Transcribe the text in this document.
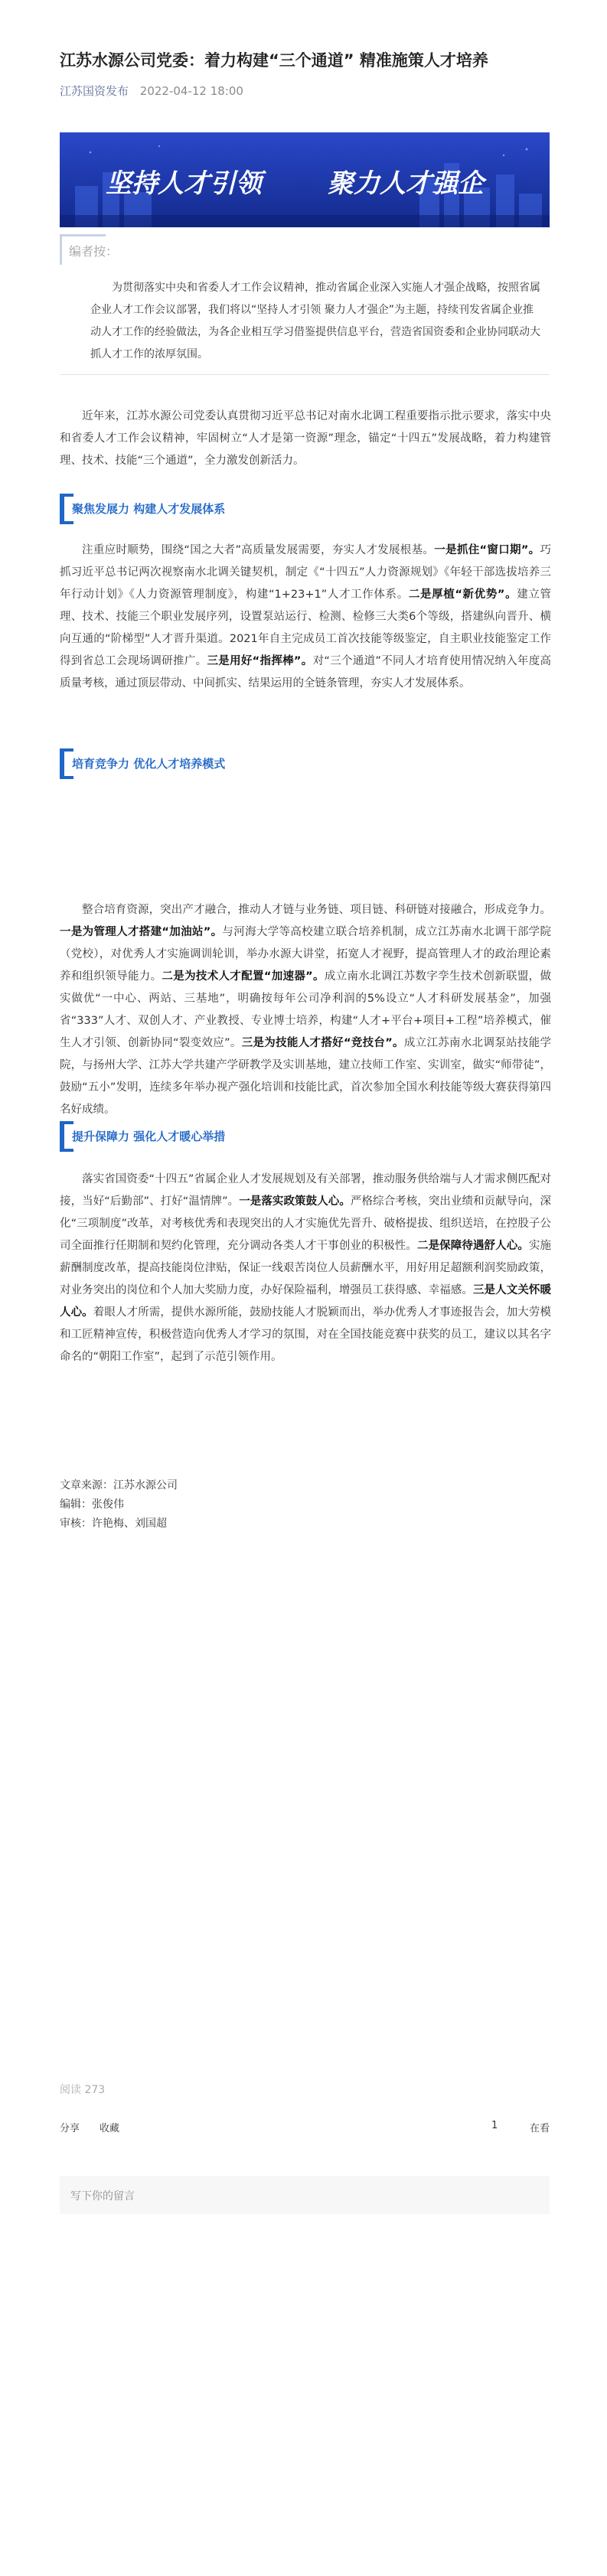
江苏水源公司党委：着力构建“三个通道” 精准施策人才培养
江苏国资发布 2022-04-12 18:00
坚持人才引领	聚力人才强企
编者按：
为贯彻落实中央和省委人才工作会议精神，推动省属企业深入实施人才强企战略，按照省属企业人才工作会议部署，我们将以“坚持人才引领 聚力人才强企”为主题，持续刊发省属企业推动人才工作的经验做法，为各企业相互学习借鉴提供信息平台，营造省国资委和企业协同联动大抓人才工作的浓厚氛围。
近年来，江苏水源公司党委认真贯彻习近平总书记对南水北调工程重要指示批示要求，落实中央和省委人才工作会议精神，牢固树立“人才是第一资源”理念，锚定“十四五”发展战略，着力构建管理、技术、技能“三个通道”，全力激发创新活力。
聚焦发展力 构建人才发展体系
注重应时顺势，围绕“国之大者”高质量发展需要，夯实人才发展根基。一是抓住“窗口期”。巧抓习近平总书记两次视察南水北调关键契机，制定《“十四五”人力资源规划》《年轻干部选拔培养三年行动计划》《人力资源管理制度》，构建“1+23+1”人才工作体系。二是厚植“新优势”。建立管理、技术、技能三个职业发展序列，设置泵站运行、检测、检修三大类6个等级，搭建纵向晋升、横向互通的“阶梯型”人才晋升渠道。2021年自主完成员工首次技能等级鉴定，自主职业技能鉴定工作得到省总工会现场调研推广。三是用好“指挥棒”。对“三个通道”不同人才培育使用情况纳入年度高质量考核，通过顶层带动、中间抓实、结果运用的全链条管理，夯实人才发展体系。
培育竞争力 优化人才培养模式
整合培育资源，突出产才融合，推动人才链与业务链、项目链、科研链对接融合，形成竞争力。一是为管理人才搭建“加油站”。与河海大学等高校建立联合培养机制，成立江苏南水北调干部学院（党校），对优秀人才实施调训轮训，举办水源大讲堂，拓宽人才视野，提高管理人才的政治理论素养和组织领导能力。二是为技术人才配置“加速器”。成立南水北调江苏数字孪生技术创新联盟，做实做优“一中心、两站、三基地”，明确按每年公司净利润的5%设立“人才科研发展基金”，加强省“333”人才、双创人才、产业教授、专业博士培养，构建“人才+平台+项目+工程”培养模式，催生人才引领、创新协同“裂变效应”。三是为技能人才搭好“竞技台”。成立江苏南水北调泵站技能学院，与扬州大学、江苏大学共建产学研教学及实训基地，建立技师工作室、实训室，做实“师带徒”，鼓励“五小”发明，连续多年举办视产强化培训和技能比武，首次参加全国水利技能等级大赛获得第四名好成绩。
提升保障力 强化人才暖心举措
落实省国资委“十四五”省属企业人才发展规划及有关部署，推动服务供给端与人才需求侧匹配对接，当好“后勤部”、打好“温情牌”。一是落实政策鼓人心。严格综合考核，突出业绩和贡献导向，深化“三项制度”改革，对考核优秀和表现突出的人才实施优先晋升、破格提拔、组织送培，在控股子公司全面推行任期制和契约化管理，充分调动各类人才干事创业的积极性。二是保障待遇舒人心。实施薪酬制度改革，提高技能岗位津贴，保证一线艰苦岗位人员薪酬水平，用好用足超额利润奖励政策，对业务突出的岗位和个人加大奖励力度，办好保险福利，增强员工获得感、幸福感。三是人文关怀暖人心。着眼人才所需，提供水源所能，鼓励技能人才脱颖而出，举办优秀人才事迹报告会，加大劳模和工匠精神宣传，积极营造向优秀人才学习的氛围，对在全国技能竞赛中获奖的员工，建议以其名字命名的“朝阳工作室”，起到了示范引领作用。
文章来源：江苏水源公司
编辑：张俊伟
审核：许艳梅、刘国超
阅读 273
分享 收藏	1	在看
写下你的留言
